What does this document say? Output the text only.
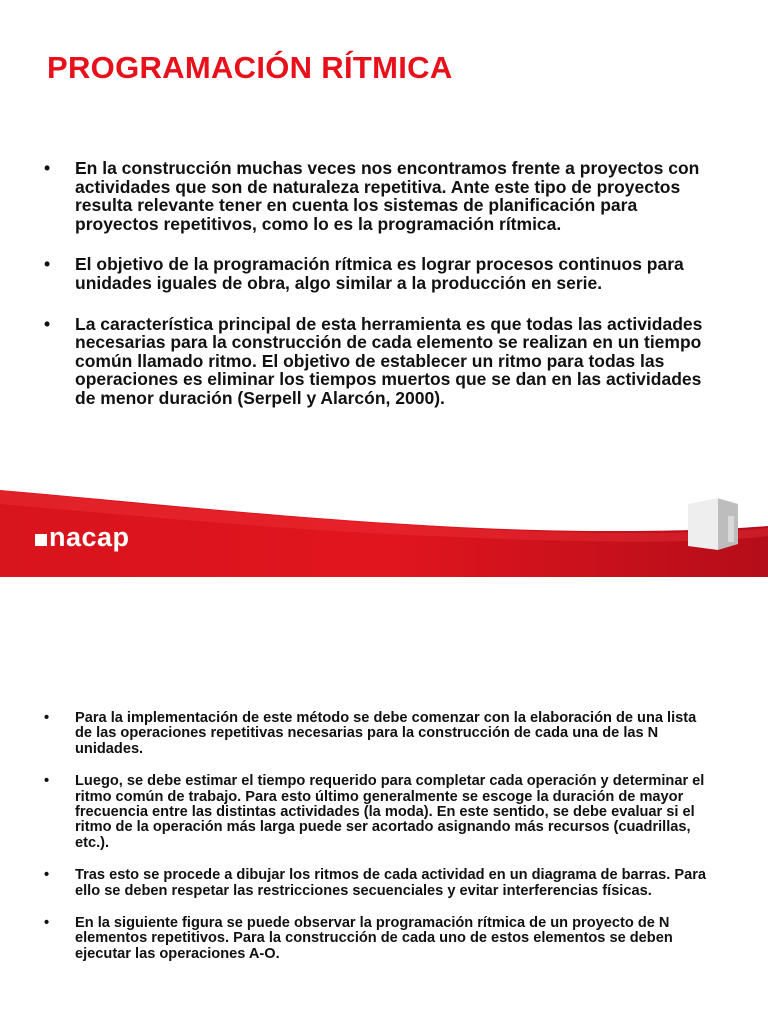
PROGRAMACIÓN RÍTMICA
• En la construcción muchas veces nos encontramos frente a proyectos con actividades que son de naturaleza repetitiva. Ante este tipo de proyectos resulta relevante tener en cuenta los sistemas de planificación para proyectos repetitivos, como lo es la programación rítmica.
• El objetivo de la programación rítmica es lograr procesos continuos para unidades iguales de obra, algo similar a la producción en serie.
• La característica principal de esta herramienta es que todas las actividades necesarias para la construcción de cada elemento se realizan en un tiempo común llamado ritmo. El objetivo de establecer un ritmo para todas las operaciones es eliminar los tiempos muertos que se dan en las actividades de menor duración (Serpell y Alarcón, 2000).
nacap
• Para la implementación de este método se debe comenzar con la elaboración de una lista de las operaciones repetitivas necesarias para la construcción de cada una de las N unidades.
• Luego, se debe estimar el tiempo requerido para completar cada operación y determinar el ritmo común de trabajo. Para esto último generalmente se escoge la duración de mayor frecuencia entre las distintas actividades (la moda). En este sentido, se debe evaluar si el ritmo de la operación más larga puede ser acortado asignando más recursos (cuadrillas, etc.).
• Tras esto se procede a dibujar los ritmos de cada actividad en un diagrama de barras. Para ello se deben respetar las restricciones secuenciales y evitar interferencias físicas.
• En la siguiente figura se puede observar la programación rítmica de un proyecto de N elementos repetitivos. Para la construcción de cada uno de estos elementos se deben ejecutar las operaciones A-O.
